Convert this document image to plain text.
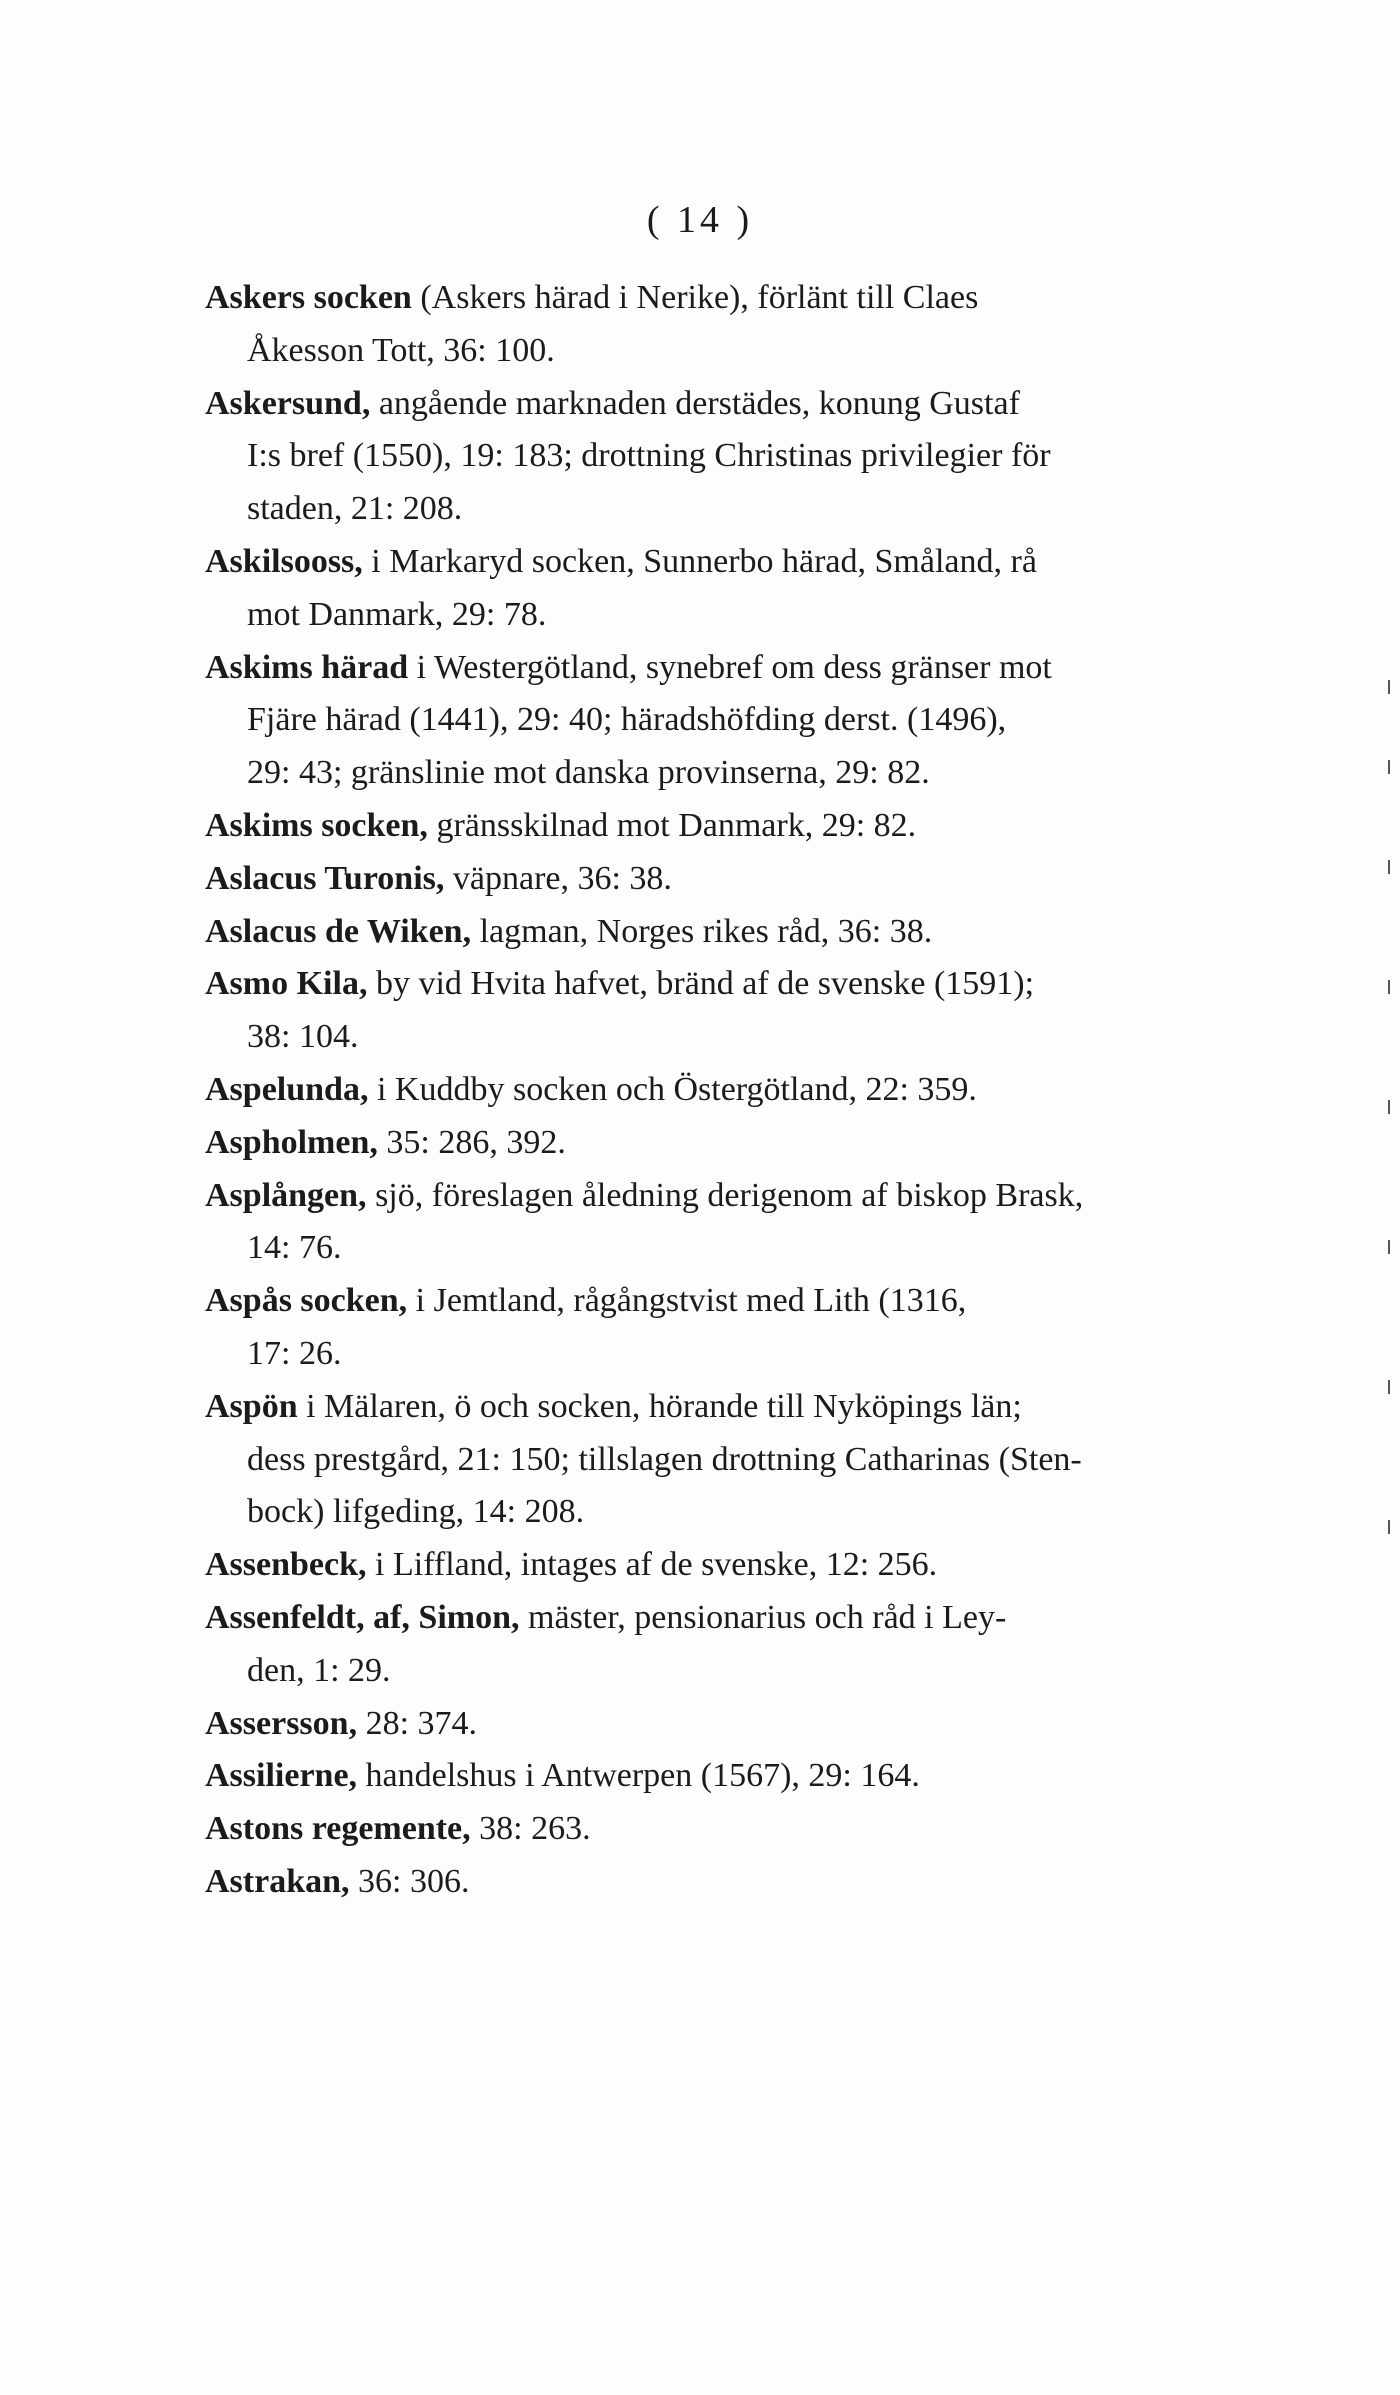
( 14 )
Askers socken (Askers härad i Nerike), förlänt till Claes
Åkesson Tott, 36: 100.
Askersund, angående marknaden derstädes, konung Gustaf
I:s bref (1550), 19: 183; drottning Christinas privilegier för
staden, 21: 208.
Askilsooss, i Markaryd socken, Sunnerbo härad, Småland, rå
mot Danmark, 29: 78.
Askims härad i Westergötland, synebref om dess gränser mot
Fjäre härad (1441), 29: 40; häradshöfding derst. (1496),
29: 43; gränslinie mot danska provinserna, 29: 82.
Askims socken, gränsskilnad mot Danmark, 29: 82.
Aslacus Turonis, väpnare, 36: 38.
Aslacus de Wiken, lagman, Norges rikes råd, 36: 38.
Asmo Kila, by vid Hvita hafvet, bränd af de svenske (1591);
38: 104.
Aspelunda, i Kuddby socken och Östergötland, 22: 359.
Aspholmen, 35: 286, 392.
Asplången, sjö, föreslagen åledning derigenom af biskop Brask,
14: 76.
Aspås socken, i Jemtland, rågångstvist med Lith (1316,
17: 26.
Aspön i Mälaren, ö och socken, hörande till Nyköpings län;
dess prestgård, 21: 150; tillslagen drottning Catharinas (Sten-
bock) lifgeding, 14: 208.
Assenbeck, i Liffland, intages af de svenske, 12: 256.
Assenfeldt, af, Simon, mäster, pensionarius och råd i Ley-
den, 1: 29.
Assersson, 28: 374.
Assilierne, handelshus i Antwerpen (1567), 29: 164.
Astons regemente, 38: 263.
Astrakan, 36: 306.
